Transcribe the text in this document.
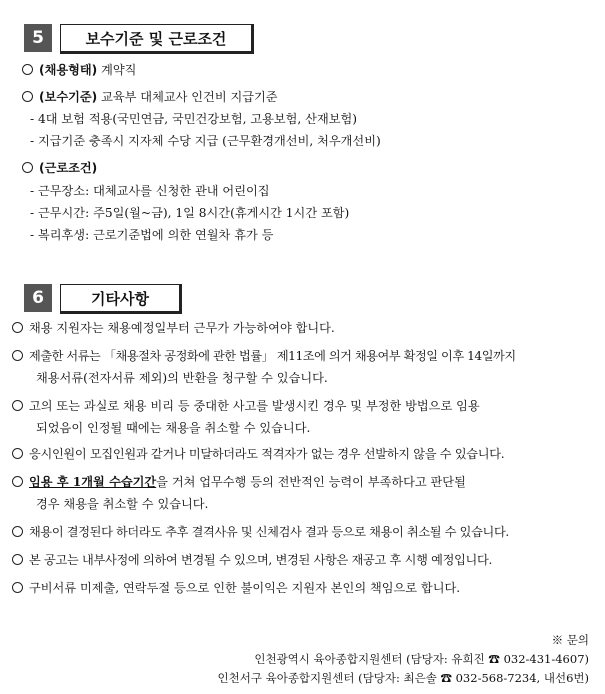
5	보수기준 및 근로조건
(채용형태) 계약직
(보수기준) 교육부 대체교사 인건비 지급기준
- 4대 보험 적용(국민연금, 국민건강보험, 고용보험, 산재보험)
- 지급기준 충족시 지자체 수당 지급 (근무환경개선비, 처우개선비)
(근로조건)
- 근무장소: 대체교사를 신청한 관내 어린이집
- 근무시간: 주5일(월~금), 1일 8시간(휴게시간 1시간 포함)
- 복리후생: 근로기준법에 의한 연월차 휴가 등
6	기타사항
채용 지원자는 채용예정일부터 근무가 가능하여야 합니다.
제출한 서류는 「채용절차 공정화에 관한 법률」 제11조에 의거 채용여부 확정일 이후 14일까지
채용서류(전자서류 제외)의 반환을 청구할 수 있습니다.
고의 또는 과실로 채용 비리 등 중대한 사고를 발생시킨 경우 및 부정한 방법으로 임용
되었음이 인정될 때에는 채용을 취소할 수 있습니다.
응시인원이 모집인원과 같거나 미달하더라도 적격자가 없는 경우 선발하지 않을 수 있습니다.
임용 후 1개월 수습기간을 거쳐 업무수행 등의 전반적인 능력이 부족하다고 판단될
경우 채용을 취소할 수 있습니다.
채용이 결정된다 하더라도 추후 결격사유 및 신체검사 결과 등으로 채용이 취소될 수 있습니다.
본 공고는 내부사정에 의하여 변경될 수 있으며, 변경된 사항은 재공고 후 시행 예정입니다.
구비서류 미제출, 연락두절 등으로 인한 불이익은 지원자 본인의 책임으로 합니다.
※ 문의
인천광역시 육아종합지원센터 (담당자: 유희진 ☎ 032-431-4607)
인천서구 육아종합지원센터 (담당자: 최은솔 ☎ 032-568-7234, 내선6번)
